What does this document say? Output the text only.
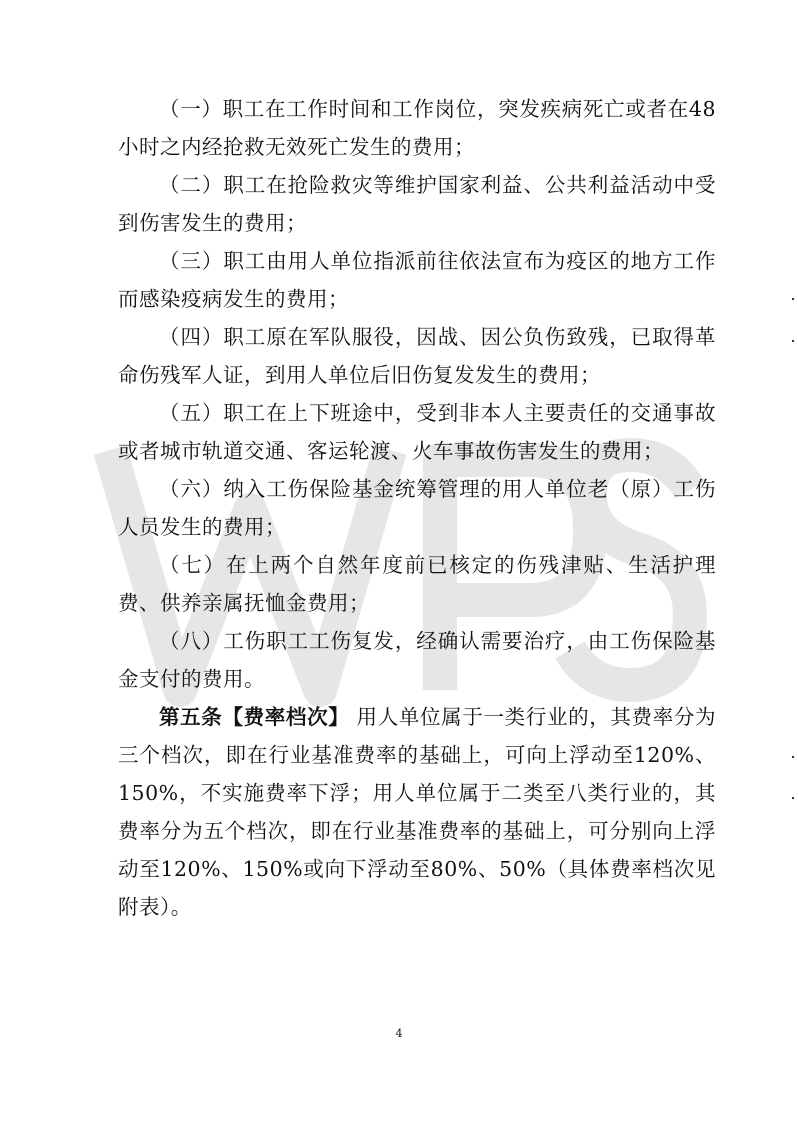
（一）职工在工作时间和工作岗位，突发疾病死亡或者在48小时之内经抢救无效死亡发生的费用；

（二）职工在抢险救灾等维护国家利益、公共利益活动中受到伤害发生的费用；

（三）职工由用人单位指派前往依法宣布为疫区的地方工作而感染疫病发生的费用；

（四）职工原在军队服役，因战、因公负伤致残，已取得革命伤残军人证，到用人单位后旧伤复发发生的费用；

（五）职工在上下班途中，受到非本人主要责任的交通事故或者城市轨道交通、客运轮渡、火车事故伤害发生的费用；

（六）纳入工伤保险基金统筹管理的用人单位老（原）工伤人员发生的费用；

（七）在上两个自然年度前已核定的伤残津贴、生活护理费、供养亲属抚恤金费用；

（八）工伤职工工伤复发，经确认需要治疗，由工伤保险基金支付的费用。

第五条【费率档次】 用人单位属于一类行业的，其费率分为三个档次，即在行业基准费率的基础上，可向上浮动至120%、150%，不实施费率下浮；用人单位属于二类至八类行业的，其费率分为五个档次，即在行业基准费率的基础上，可分别向上浮动至120%、150%或向下浮动至80%、50%（具体费率档次见附表）。

4
